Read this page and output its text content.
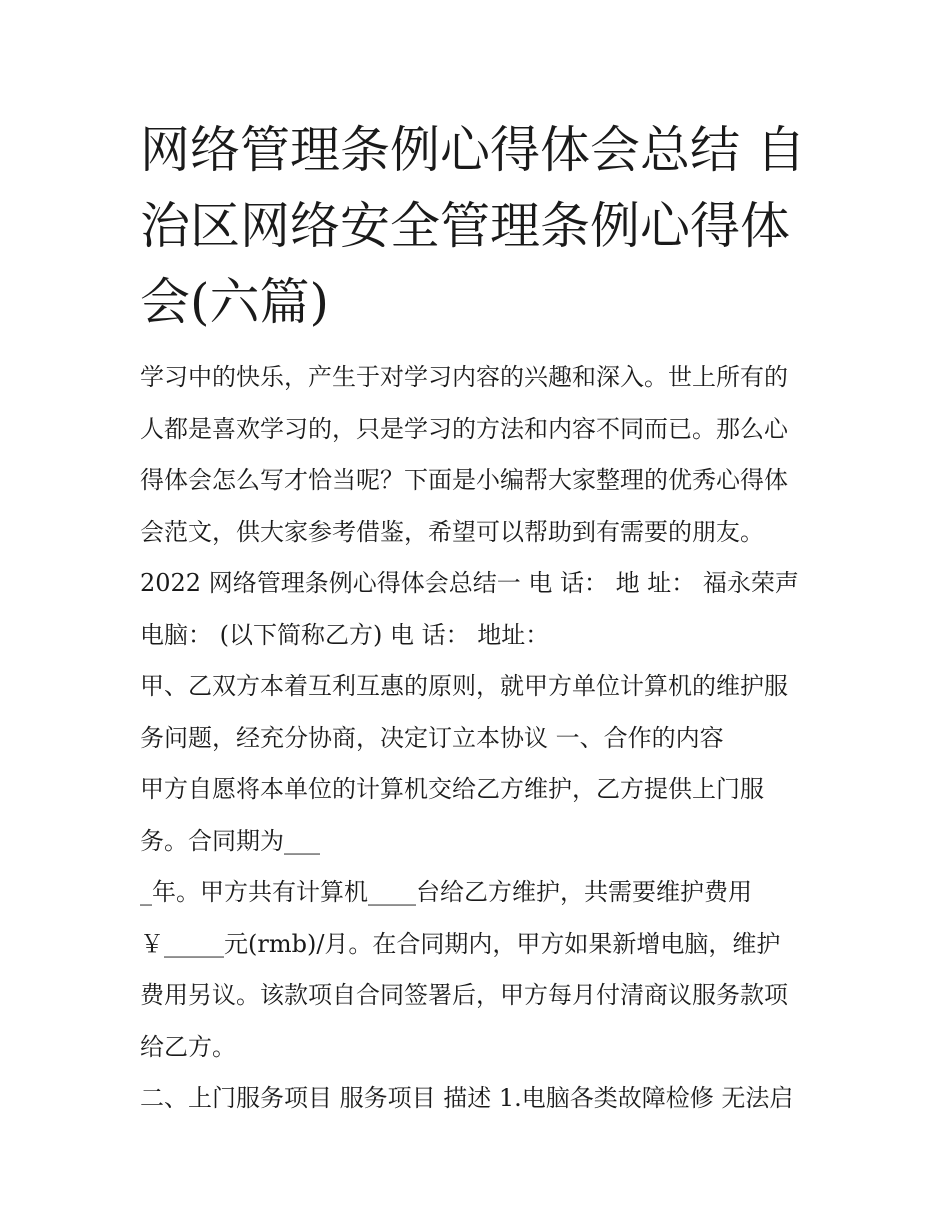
网络管理条例心得体会总结 自
治区网络安全管理条例心得体
会(六篇)
学习中的快乐，产生于对学习内容的兴趣和深入。世上所有的
人都是喜欢学习的，只是学习的方法和内容不同而已。那么心
得体会怎么写才恰当呢？下面是小编帮大家整理的优秀心得体
会范文，供大家参考借鉴，希望可以帮助到有需要的朋友。
2022 网络管理条例心得体会总结一 电 话： 地 址： 福永荣声
电脑： (以下简称乙方) 电 话： 地址：
甲、乙双方本着互利互惠的原则，就甲方单位计算机的维护服
务问题，经充分协商，决定订立本协议 一、合作的内容
甲方自愿将本单位的计算机交给乙方维护，乙方提供上门服
务。合同期为___
_年。甲方共有计算机____台给乙方维护，共需要维护费用
￥_____元(rmb)/月。在合同期内，甲方如果新增电脑，维护
费用另议。该款项自合同签署后，甲方每月付清商议服务款项
给乙方。
二、上门服务项目 服务项目 描述 1.电脑各类故障检修 无法启
